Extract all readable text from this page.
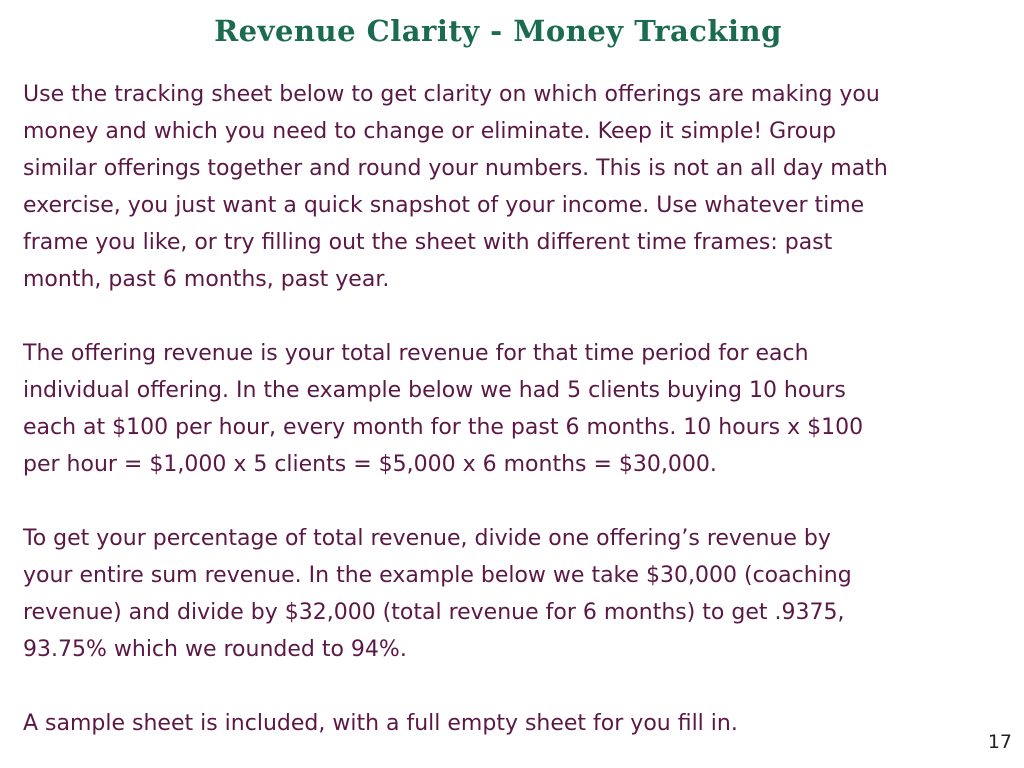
Revenue Clarity - Money Tracking

Use the tracking sheet below to get clarity on which offerings are making you
money and which you need to change or eliminate. Keep it simple! Group
similar offerings together and round your numbers. This is not an all day math
exercise, you just want a quick snapshot of your income. Use whatever time
frame you like, or try filling out the sheet with different time frames: past
month, past 6 months, past year.

The offering revenue is your total revenue for that time period for each
individual offering. In the example below we had 5 clients buying 10 hours
each at $100 per hour, every month for the past 6 months. 10 hours x $100
per hour = $1,000 x 5 clients = $5,000 x 6 months = $30,000.

To get your percentage of total revenue, divide one offering’s revenue by
your entire sum revenue. In the example below we take $30,000 (coaching
revenue) and divide by $32,000 (total revenue for 6 months) to get .9375,
93.75% which we rounded to 94%.

A sample sheet is included, with a full empty sheet for you fill in.

17
